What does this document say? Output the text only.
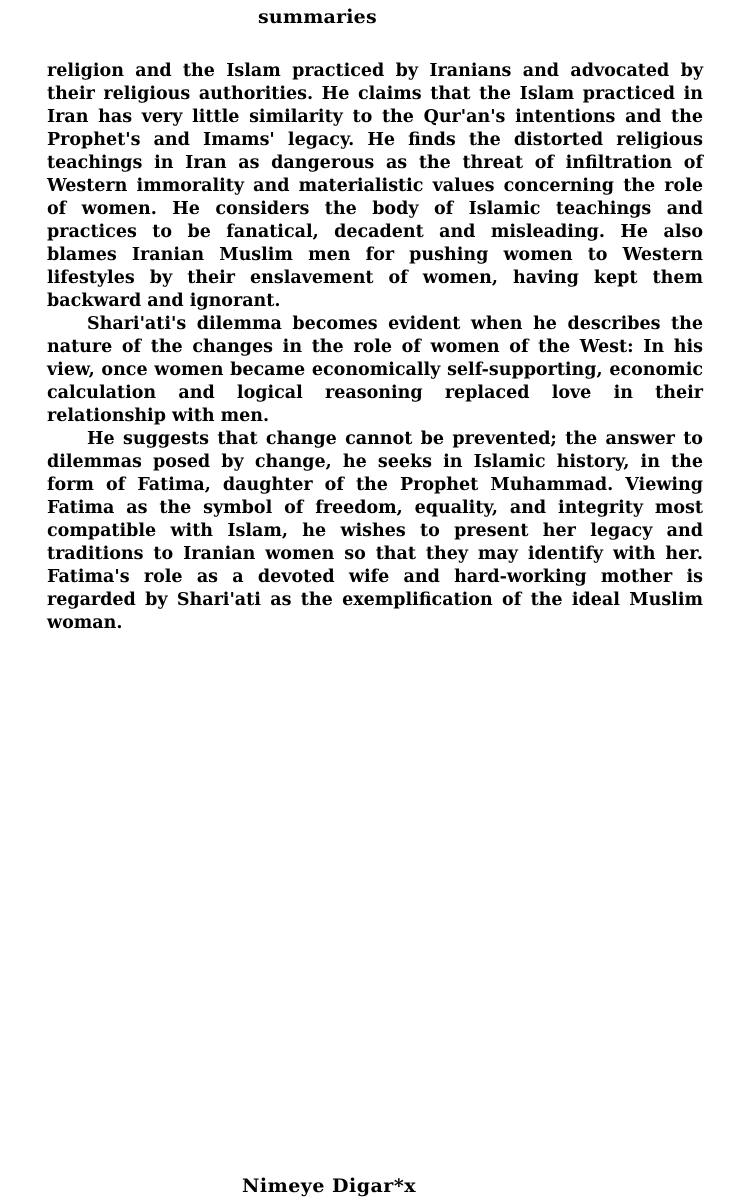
summaries

religion and the Islam practiced by Iranians and advocated by their religious authorities. He claims that the Islam practiced in Iran has very little similarity to the Qur'an's intentions and the Prophet's and Imams' legacy. He finds the distorted religious teachings in Iran as dangerous as the threat of infiltration of Western immorality and materialistic values concerning the role of women. He considers the body of Islamic teachings and practices to be fanatical, decadent and misleading. He also blames Iranian Muslim men for pushing women to Western lifestyles by their enslavement of women, having kept them backward and ignorant.

Shari'ati's dilemma becomes evident when he describes the nature of the changes in the role of women of the West: In his view, once women became economically self-supporting, economic calculation and logical reasoning replaced love in their relationship with men.

He suggests that change cannot be prevented; the answer to dilemmas posed by change, he seeks in Islamic history, in the form of Fatima, daughter of the Prophet Muhammad. Viewing Fatima as the symbol of freedom, equality, and integrity most compatible with Islam, he wishes to present her legacy and traditions to Iranian women so that they may identify with her. Fatima's role as a devoted wife and hard-working mother is regarded by Shari'ati as the exemplification of the ideal Muslim woman.

Nimeye Digar*x
